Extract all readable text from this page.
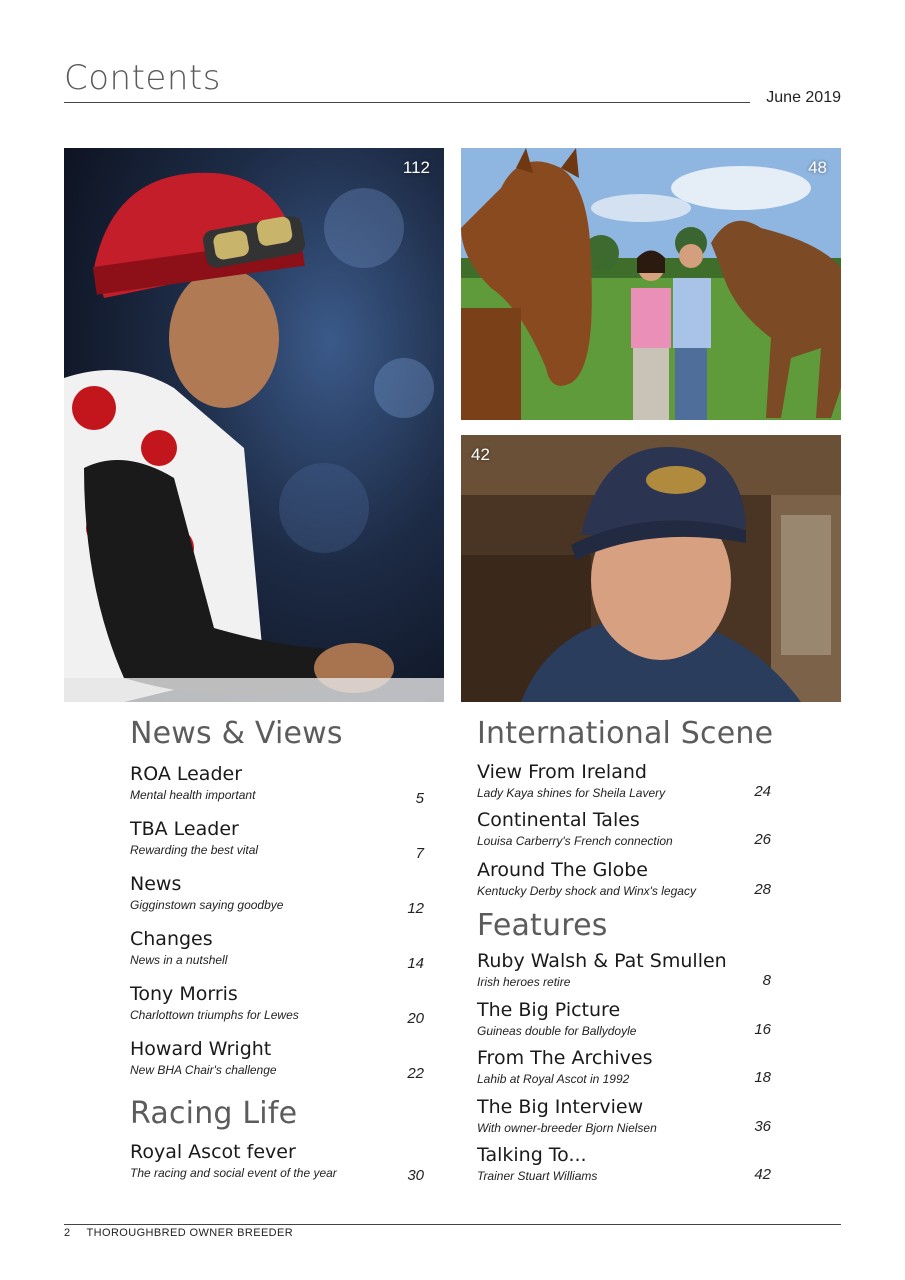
Contents	June 2019
112	48
42
News & Views
ROA Leader
Mental health important	5
TBA Leader
Rewarding the best vital	7
News
Gigginstown saying goodbye	12
Changes
News in a nutshell	14
Tony Morris
Charlottown triumphs for Lewes	20
Howard Wright
New BHA Chair's challenge	22
Racing Life
Royal Ascot fever
The racing and social event of the year	30
International Scene
View From Ireland
Lady Kaya shines for Sheila Lavery	24
Continental Tales
Louisa Carberry's French connection	26
Around The Globe
Kentucky Derby shock and Winx's legacy	28
Features
Ruby Walsh & Pat Smullen
Irish heroes retire	8
The Big Picture
Guineas double for Ballydoyle	16
From The Archives
Lahib at Royal Ascot in 1992	18
The Big Interview
With owner-breeder Bjorn Nielsen	36
Talking To...
Trainer Stuart Williams	42
2 THOROUGHBRED OWNER BREEDER
